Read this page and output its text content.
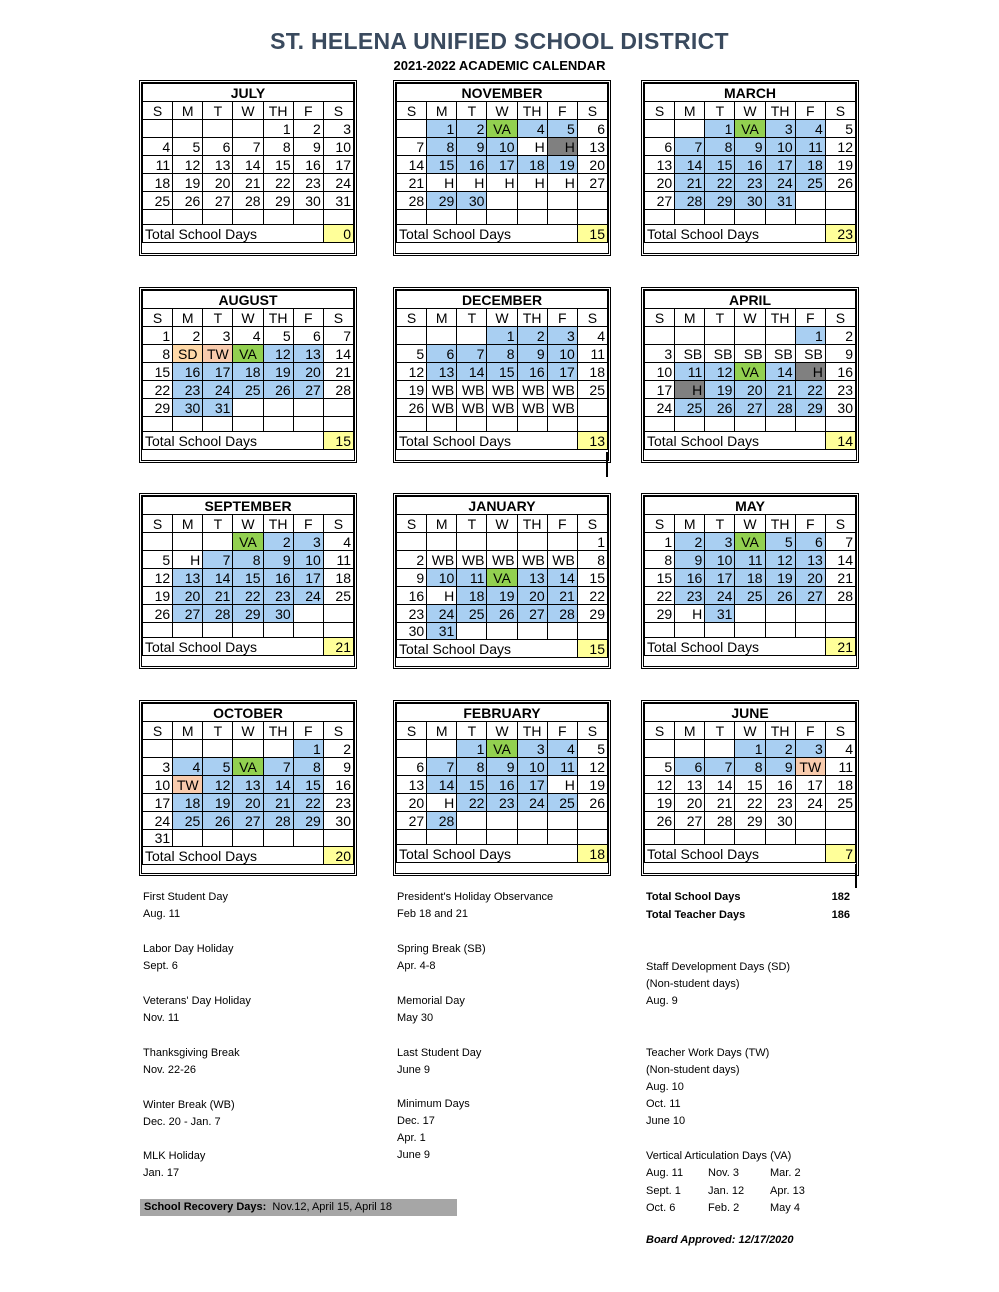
ST. HELENA UNIFIED SCHOOL DISTRICT
2021-2022 ACADEMIC CALENDAR
JULY						
S	M	T	W	TH	F	S
				1	2	3
4	5	6	7	8	9	10
11	12	13	14	15	16	17
18	19	20	21	22	23	24
25	26	27	28	29	30	31

Total School Days						0
NOVEMBER						
S	M	T	W	TH	F	S
	1	2	VA	4	5	6
7	8	9	10	H	H	13
14	15	16	17	18	19	20
21	H	H	H	H	H	27
28	29	30				

Total School Days						15
MARCH						
S	M	T	W	TH	F	S
		1	VA	3	4	5
6	7	8	9	10	11	12
13	14	15	16	17	18	19
20	21	22	23	24	25	26
27	28	29	30	31		

Total School Days						23
AUGUST						
S	M	T	W	TH	F	S
1	2	3	4	5	6	7
8	SD	TW	VA	12	13	14
15	16	17	18	19	20	21
22	23	24	25	26	27	28
29	30	31				

Total School Days						15
DECEMBER						
S	M	T	W	TH	F	S
			1	2	3	4
5	6	7	8	9	10	11
12	13	14	15	16	17	18
19	WB	WB	WB	WB	WB	25
26	WB	WB	WB	WB	WB	

Total School Days						13
APRIL						
S	M	T	W	TH	F	S
					1	2
3	SB	SB	SB	SB	SB	9
10	11	12	VA	14	H	16
17	H	19	20	21	22	23
24	25	26	27	28	29	30

Total School Days						14
SEPTEMBER						
S	M	T	W	TH	F	S
			VA	2	3	4
5	H	7	8	9	10	11
12	13	14	15	16	17	18
19	20	21	22	23	24	25
26	27	28	29	30		

Total School Days						21
JANUARY						
S	M	T	W	TH	F	S
						1
2	WB	WB	WB	WB	WB	8
9	10	11	VA	13	14	15
16	H	18	19	20	21	22
23	24	25	26	27	28	29
30	31					
Total School Days						15
MAY						
S	M	T	W	TH	F	S
1	2	3	VA	5	6	7
8	9	10	11	12	13	14
15	16	17	18	19	20	21
22	23	24	25	26	27	28
29	H	31				

Total School Days						21
OCTOBER						
S	M	T	W	TH	F	S
					1	2
3	4	5	VA	7	8	9
10	TW	12	13	14	15	16
17	18	19	20	21	22	23
24	25	26	27	28	29	30
31						
Total School Days						20
FEBRUARY						
S	M	T	W	TH	F	S
		1	VA	3	4	5
6	7	8	9	10	11	12
13	14	15	16	17	H	19
20	H	22	23	24	25	26
27	28					

Total School Days						18
JUNE						
S	M	T	W	TH	F	S
			1	2	3	4
5	6	7	8	9	TW	11
12	13	14	15	16	17	18
19	20	21	22	23	24	25
26	27	28	29	30		

Total School Days						7
First Student Day
Aug. 11
Labor Day Holiday
Sept. 6
Veterans' Day Holiday
Nov. 11
Thanksgiving Break
Nov. 22-26
Winter Break (WB)
Dec. 20 - Jan. 7
MLK Holiday
Jan. 17
President's Holiday Observance
Feb 18 and 21
Spring Break (SB)
Apr. 4-8
Memorial Day
May 30
Last Student Day
June 9
Minimum Days
Dec. 17
Apr. 1
June 9
Total School Days	182
Total Teacher Days	186
Staff Development Days (SD)
(Non-student days)
Aug. 9
Teacher Work Days (TW)
(Non-student days)
Aug. 10
Oct. 11
June 10
Vertical Articulation Days (VA)
Aug. 11 Nov. 3	Mar. 2
Sept. 1 Jan. 12 Apr. 13
Oct. 6	Feb. 2	May 4
School Recovery Days: Nov.12, April 15, April 18
Board Approved: 12/17/2020
